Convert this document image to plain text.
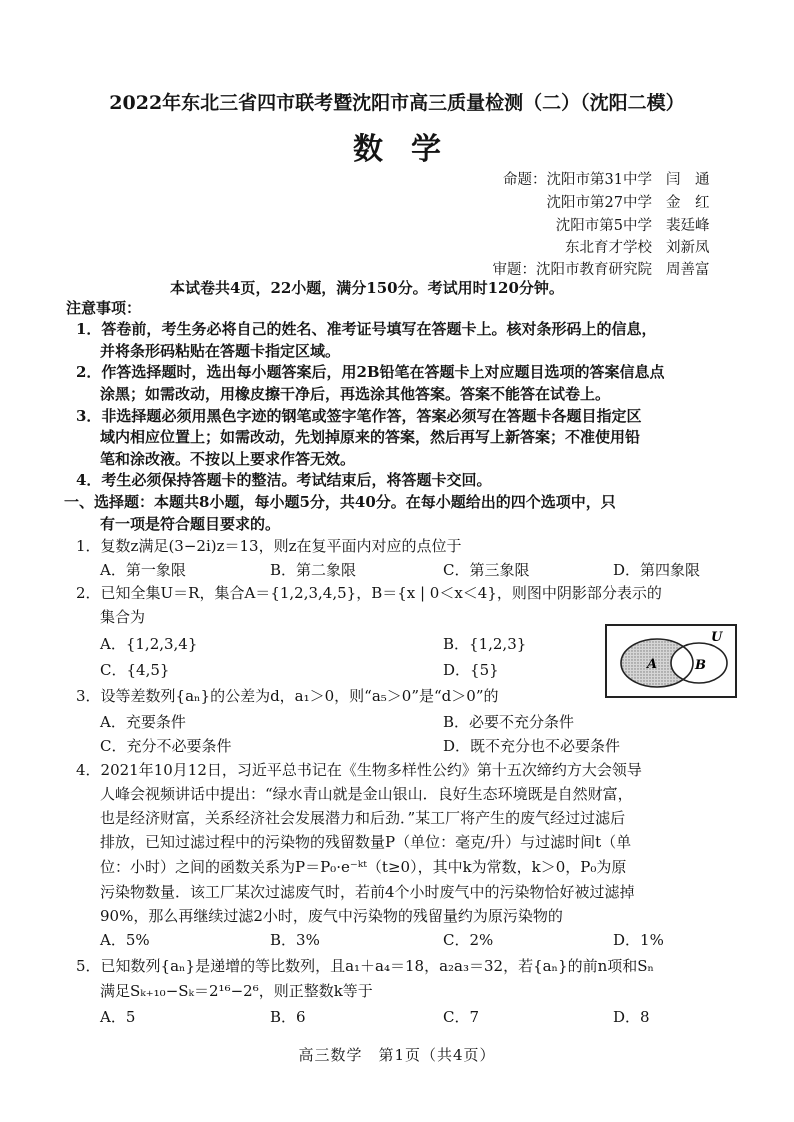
2022年东北三省四市联考暨沈阳市高三质量检测（二）（沈阳二模）
数学
命题：沈阳市第31中学 闫　通
沈阳市第27中学 金　红
沈阳市第5中学 裴廷峰
东北育才学校 刘新凤
审题：沈阳市教育研究院 周善富
本试卷共4页，22小题，满分150分。考试用时120分钟。
注意事项：
1．答卷前，考生务必将自己的姓名、准考证号填写在答题卡上。核对条形码上的信息，
并将条形码粘贴在答题卡指定区域。
2．作答选择题时，选出每小题答案后，用2B铅笔在答题卡上对应题目选项的答案信息点
涂黑；如需改动，用橡皮擦干净后，再选涂其他答案。答案不能答在试卷上。
3．非选择题必须用黑色字迹的钢笔或签字笔作答，答案必须写在答题卡各题目指定区
域内相应位置上；如需改动，先划掉原来的答案，然后再写上新答案；不准使用铅
笔和涂改液。不按以上要求作答无效。
4．考生必须保持答题卡的整洁。考试结束后，将答题卡交回。
一、选择题：本题共8小题，每小题5分，共40分。在每小题给出的四个选项中，只
有一项是符合题目要求的。
1．复数z满足(3−2i)z＝13，则z在复平面内对应的点位于
A．第一象限	B．第二象限	C．第三象限	D．第四象限
2．已知全集U＝R，集合A＝{1,2,3,4,5}，B＝{x | 0＜x＜4}，则图中阴影部分表示的
集合为
A．{1,2,3,4}	B．{1,2,3}
C．{4,5}	D．{5}
U
A	B
3．设等差数列{aₙ}的公差为d，a₁＞0，则“a₅＞0”是“d＞0”的
A．充要条件	B．必要不充分条件
C．充分不必要条件	D．既不充分也不必要条件
4．2021年10月12日，习近平总书记在《生物多样性公约》第十五次缔约方大会领导
人峰会视频讲话中提出：“绿水青山就是金山银山．良好生态环境既是自然财富，
也是经济财富，关系经济社会发展潜力和后劲．”某工厂将产生的废气经过过滤后
排放，已知过滤过程中的污染物的残留数量P（单位：毫克/升）与过滤时间t（单
位：小时）之间的函数关系为P＝P₀·e⁻ᵏᵗ（t≥0），其中k为常数，k＞0，P₀为原
污染物数量．该工厂某次过滤废气时，若前4个小时废气中的污染物恰好被过滤掉
90%，那么再继续过滤2小时，废气中污染物的残留量约为原污染物的
A．5%	B．3%	C．2%	D．1%
5．已知数列{aₙ}是递增的等比数列，且a₁＋a₄＝18，a₂a₃＝32，若{aₙ}的前n项和Sₙ
满足Sₖ₊₁₀−Sₖ＝2¹⁶−2⁶，则正整数k等于
A．5	B．6	C．7	D．8
高三数学　第1页（共4页）
